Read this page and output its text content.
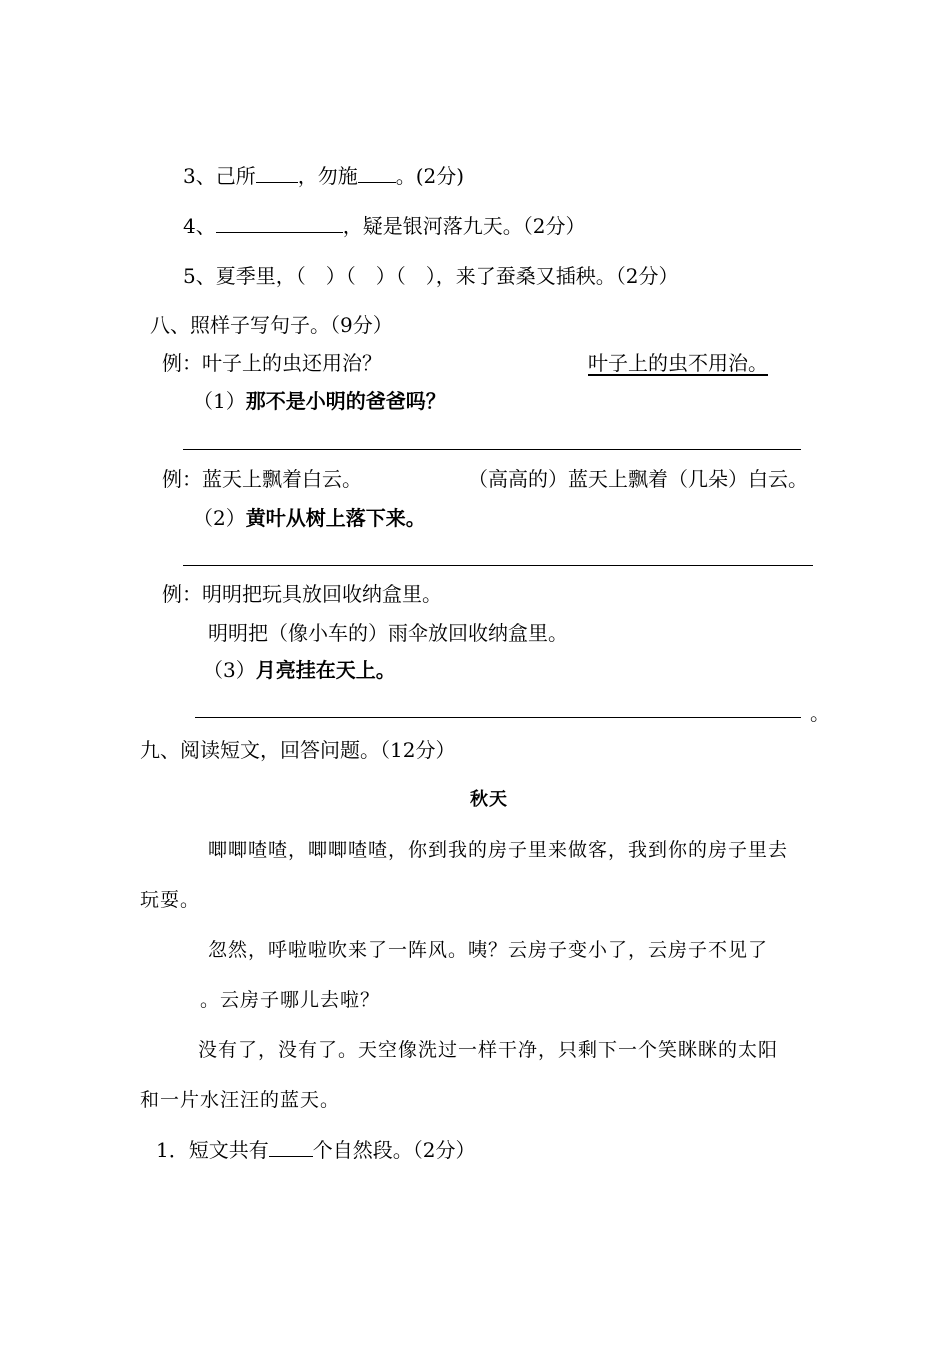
3、己所 ，勿施 。(2分)
4、	，疑是银河落九天。（2分）
5、夏季里，（　）（　）（　），来了蚕桑又插秧。（2分）
八、照样子写句子。（9分）
例：叶子上的虫还用治？	叶子上的虫不用治。
（1）那不是小明的爸爸吗？
例：蓝天上飘着白云。	（高高的）蓝天上飘着（几朵）白云。
（2）黄叶从树上落下来。
例：明明把玩具放回收纳盒里。
明明把（像小车的）雨伞放回收纳盒里。
（3）月亮挂在天上。
。
九、阅读短文，回答问题。（12分）
秋天
唧唧喳喳，唧唧喳喳，你到我的房子里来做客，我到你的房子里去
玩耍。
忽然，呼啦啦吹来了一阵风。咦？云房子变小了，云房子不见了
。云房子哪儿去啦？
没有了，没有了。天空像洗过一样干净，只剩下一个笑眯眯的太阳
和一片水汪汪的蓝天。
1．短文共有 个自然段。（2分）
